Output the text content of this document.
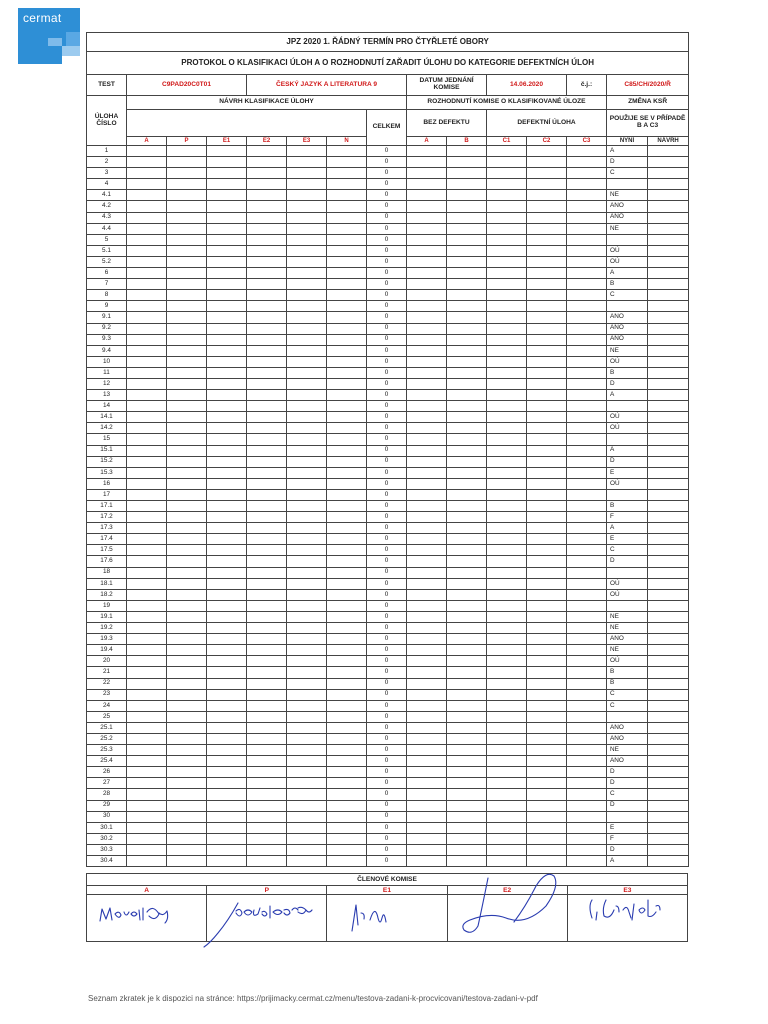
cermat
JPZ 2020 1. ŘÁDNÝ TERMÍN PRO ČTYŘLETÉ OBORY														
PROTOKOL O KLASIFIKACI ÚLOH A O ROZHODNUTÍ ZAŘADIT ÚLOHU DO KATEGORIE DEFEKTNÍCH ÚLOH														
TEST	C9PAD20C0T01			ČESKÝ JAZYK A LITERATURA 9				DATUM JEDNÁNÍ KOMISE		14.06.2020		č.j.:	C85/CH/2020/Ř	
ÚLOHA ČÍSLO	NÁVRH KLASIFIKACE ÚLOHY							ROZHODNUTÍ KOMISE O KLASIFIKOVANÉ ÚLOZE					ZMĚNA KSŘ	
							CELKEM	BEZ DEFEKTU		DEFEKTNÍ ÚLOHA			POUŽIJE SE V PŘÍPADĚ B A C3	
	A	P	E1	E2	E3	N		A	B	C1	C2	C3	NYNÍ	NÁVRH
1							0						A	
2							0						D	
3							0						C	
4							0							
4.1							0						NE	
4.2							0						ANO	
4.3							0						ANO	
4.4							0						NE	
5							0							
5.1							0						OÚ	
5.2							0						OÚ	
6							0						A	
7							0						B	
8							0						C	
9							0							
9.1							0						ANO	
9.2							0						ANO	
9.3							0						ANO	
9.4							0						NE	
10							0						OÚ	
11							0						B	
12							0						D	
13							0						A	
14							0							
14.1							0						OÚ	
14.2							0						OÚ	
15							0							
15.1							0						A	
15.2							0						D	
15.3							0						E	
16							0						OÚ	
17							0							
17.1							0						B	
17.2							0						F	
17.3							0						A	
17.4							0						E	
17.5							0						C	
17.6							0						D	
18							0							
18.1							0						OÚ	
18.2							0						OÚ	
19							0							
19.1							0						NE	
19.2							0						NE	
19.3							0						ANO	
19.4							0						NE	
20							0						OÚ	
21							0						B	
22							0						B	
23							0						C	
24							0						C	
25							0							
25.1							0						ANO	
25.2							0						ANO	
25.3							0						NE	
25.4							0						ANO	
26							0						D	
27							0						D	
28							0						C	
29							0						D	
30							0							
30.1							0						E	
30.2							0						F	
30.3							0						D	
30.4							0						A	
ČLENOVÉ KOMISE				
A	P	E1	E2	E3

Seznam zkratek je k dispozici na stránce: https://prijimacky.cermat.cz/menu/testova-zadani-k-procvicovani/testova-zadani-v-pdf
